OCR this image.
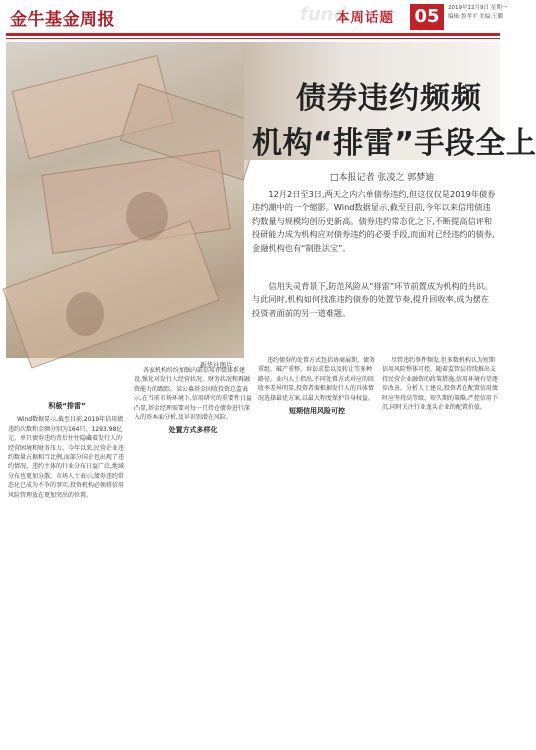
金牛基金周报	fund
本周话题 05	2019年12月9日 星期一
编辑:鲁孝平 美编:王鹏
债券违约频频
机构“排雷”手段全上
□本报记者 张凌之 郭梦迪

12月2日至3日,两天之内六单债券违约,但这仅仅是2019年债券违约潮中的一个缩影。Wind数据显示,截至目前,今年以来信用债违约数量与规模均创历史新高。债券违约常态化之下,不断提高信评和投研能力成为机构应对债券违约的必要手段,而面对已经违约的债券,金融机构也有“制胜法宝”。

信用失灵背景下,防范风险从“排雷”环节前置成为机构的共识。与此同时,机构如何找准违约债券的处置节奏,提升回收率,成为摆在投资者面前的另一道难题。

新华社图片
积极“排雷”

Wind数据显示,截至目前,2019年信用债违约次数和金额分别为164只、1293.98亿元。单只债券违约背后往往隐藏着发行人的经营困境和财务压力。今年以来,民营企业违约数量占据相当比例,而部分国企也出现了违约情况。违约主体的行业分布日益广泛,地域分布也更加分散。市场人士表示,债券违约常态化已成为不争的事实,投资机构必须将信用风险管理放在更加突出的位置。

各家机构纷纷加强内部信用评级体系建设,强化对发行人经营状况、财务状况和再融资能力的跟踪。某公募基金固收投资总监表示,在当前市场环境下,信用研究的重要性日益凸显,基金经理需要对每一只持仓债券进行深入的基本面分析,及早识别潜在风险。

处置方式多样化

违约债券的处置方式包括协商展期、债务重组、破产重整、诉讼求偿以及转让等多种路径。业内人士指出,不同处置方式对应的回收率差异明显,投资者需根据发行人的具体情况选择最优方案,以最大程度保护自身权益。

短期信用风险可控

尽管违约事件频发,但多数机构认为短期信用风险整体可控。随着监管层持续推出支持民营企业融资的政策措施,信用环境有望逐步改善。分析人士建议,投资者在配置信用债时应坚持高等级、短久期的策略,严控信用下沉,同时关注行业龙头企业的配置价值。
